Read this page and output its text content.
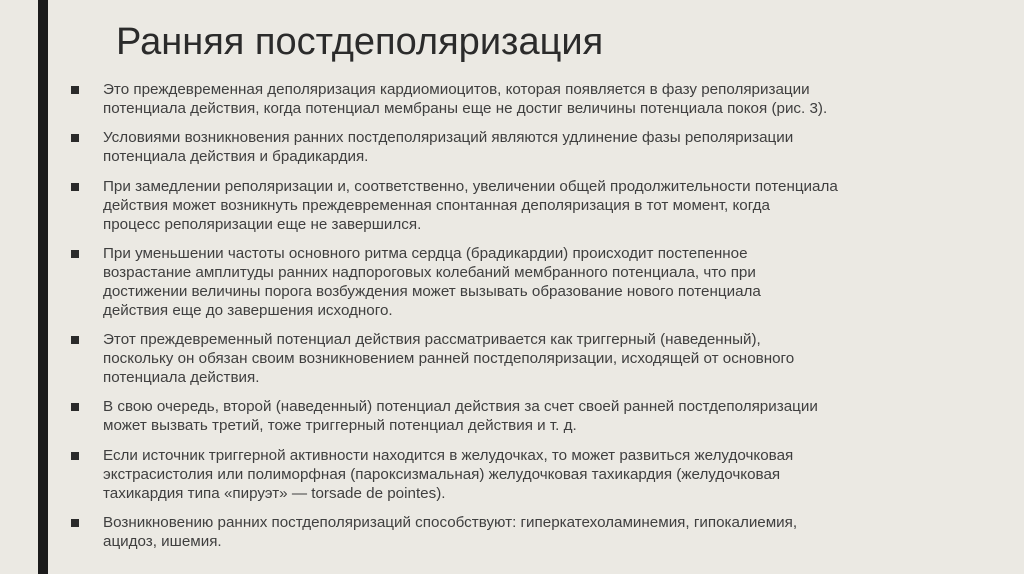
Ранняя постдеполяризация
Это преждевременная деполяризация кардиомиоцитов, которая появляется в фазу реполяризации
потенциала действия, когда потенциал мембраны еще не достиг величины потенциала покоя (рис. 3).
Условиями возникновения ранних постдеполяризаций являются удлинение фазы реполяризации
потенциала действия и брадикардия.
При замедлении реполяризации и, соответственно, увеличении общей продолжительности потенциала
действия может возникнуть преждевременная спонтанная деполяризация в тот момент, когда
процесс реполяризации еще не завершился.
При уменьшении частоты основного ритма сердца (брадикардии) происходит постепенное
возрастание амплитуды ранних надпороговых колебаний мембранного потенциала, что при
достижении величины порога возбуждения может вызывать образование нового потенциала
действия еще до завершения исходного.
Этот преждевременный потенциал действия рассматривается как триггерный (наведенный),
поскольку он обязан своим возникновением ранней постдеполяризации, исходящей от основного
потенциала действия.
В свою очередь, второй (наведенный) потенциал действия за счет своей ранней постдеполяризации
может вызвать третий, тоже триггерный потенциал действия и т. д.
Если источник триггерной активности находится в желудочках, то может развиться желудочковая
экстрасистолия или полиморфная (пароксизмальная) желудочковая тахикардия (желудочковая
тахикардия типа «пируэт» — torsade de pointes).
Возникновению ранних постдеполяризаций способствуют: гиперкатехоламинемия, гипокалиемия,
ацидоз, ишемия.
